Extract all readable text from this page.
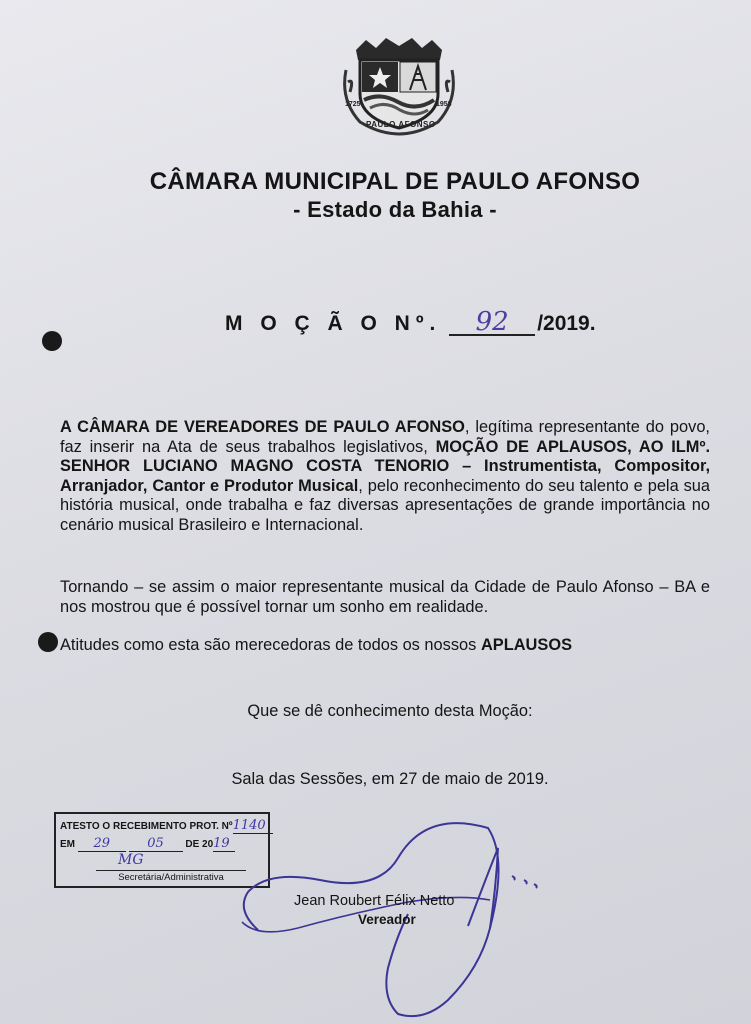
1725	1958
PAULO AFONSO
CÂMARA MUNICIPAL DE PAULO AFONSO
- Estado da Bahia -
M O Ç Ã O Nº. 92 /2019.
A CÂMARA DE VEREADORES DE PAULO AFONSO, legítima representante do povo, faz inserir na Ata de seus trabalhos legislativos, MOÇÃO DE APLAUSOS, AO ILMº. SENHOR LUCIANO MAGNO COSTA TENORIO – Instrumentista, Compositor, Arranjador, Cantor e Produtor Musical, pelo reconhecimento do seu talento e pela sua história musical, onde trabalha e faz diversas apresentações de grande importância no cenário musical Brasileiro e Internacional.
Tornando – se assim o maior representante musical da Cidade de Paulo Afonso – BA e nos mostrou que é possível tornar um sonho em realidade.
Atitudes como esta são merecedoras de todos os nossos APLAUSOS
Que se dê conhecimento desta Moção:
Sala das Sessões, em 27 de maio de 2019.
ATESTO O RECEBIMENTO PROT. Nº1140
EM 29	05 DE 2019
MG
Secretária/Administrativa
Jean Roubert Félix Netto
Vereador
